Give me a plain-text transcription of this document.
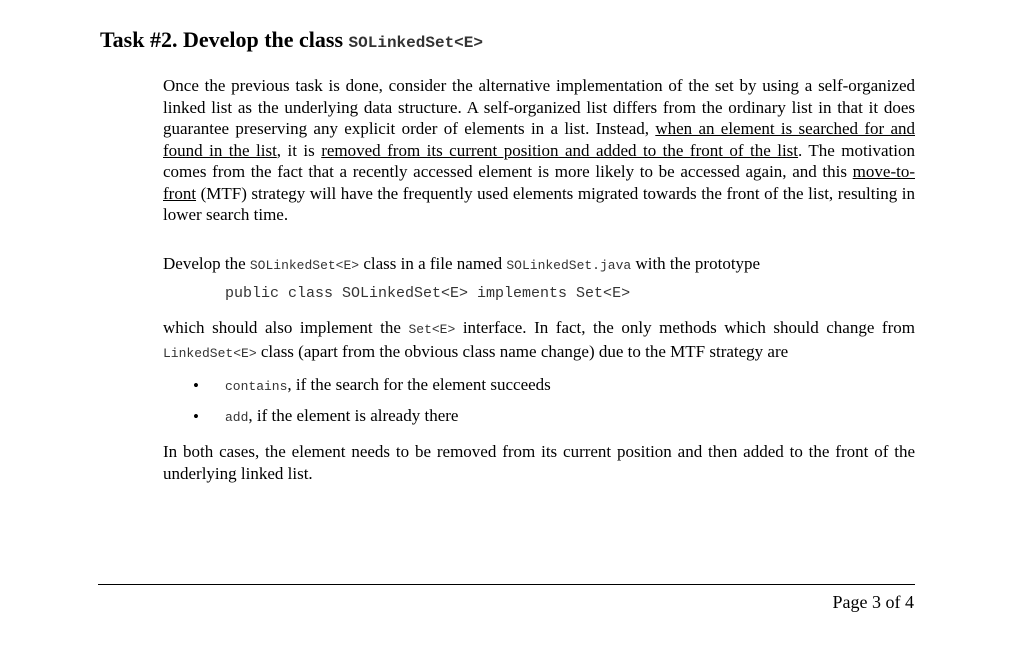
Task #2. Develop the class SOLinkedSet<E>
Once the previous task is done, consider the alternative implementation of the set by using a self-organized linked list as the underlying data structure. A self-organized list differs from the ordinary list in that it does guarantee preserving any explicit order of elements in a list. Instead, when an element is searched for and found in the list, it is removed from its current position and added to the front of the list. The motivation comes from the fact that a recently accessed element is more likely to be accessed again, and this move-to-front (MTF) strategy will have the frequently used elements migrated towards the front of the list, resulting in lower search time.
Develop the SOLinkedSet<E> class in a file named SOLinkedSet.java with the prototype
public class SOLinkedSet<E> implements Set<E>
which should also implement the Set<E> interface. In fact, the only methods which should change from LinkedSet<E> class (apart from the obvious class name change) due to the MTF strategy are
• contains, if the search for the element succeeds
• add, if the element is already there
In both cases, the element needs to be removed from its current position and then added to the front of the underlying linked list.
Page 3 of 4
